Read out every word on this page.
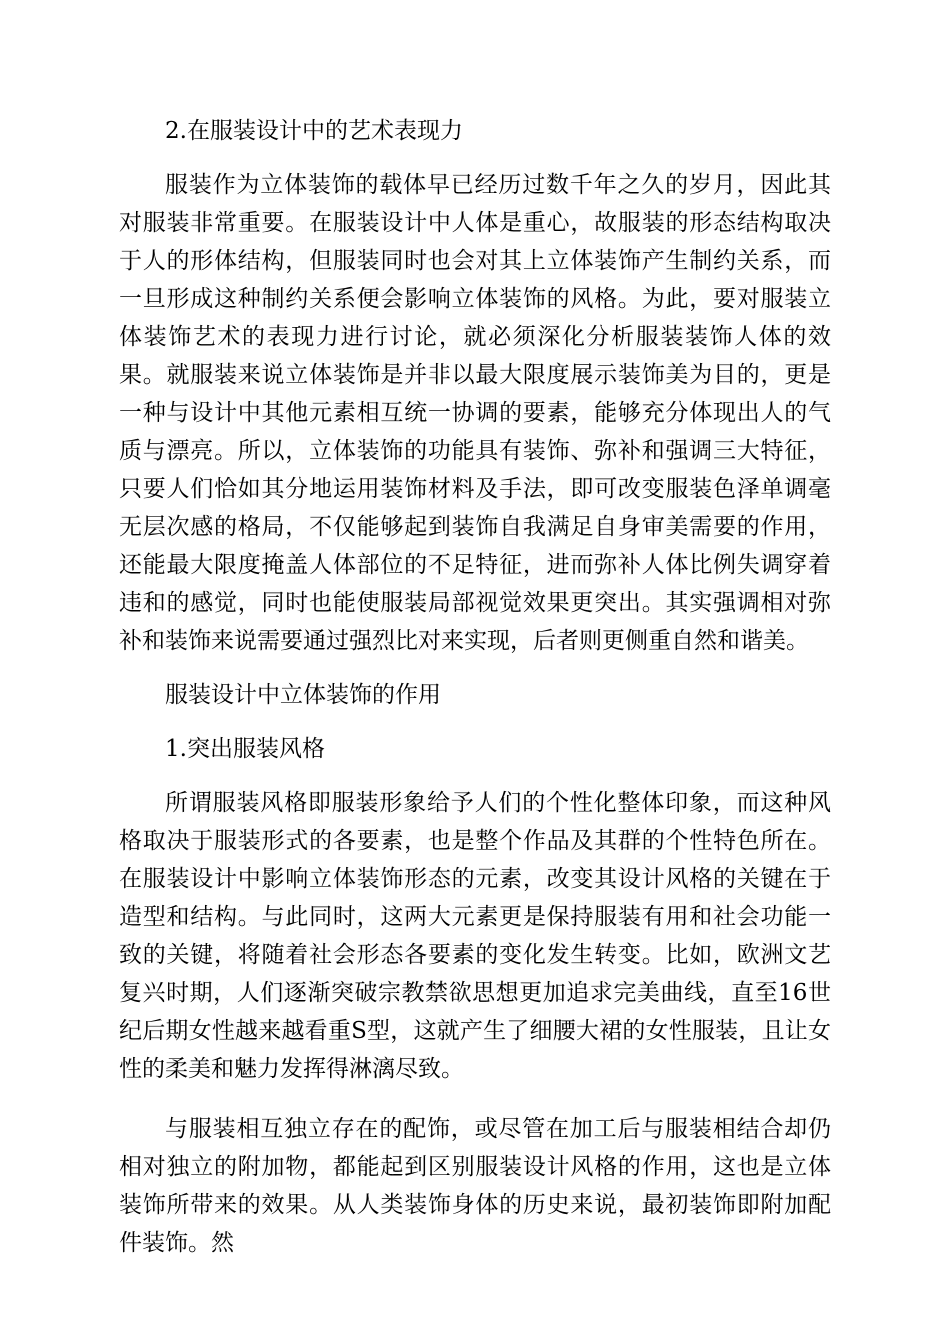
2.在服装设计中的艺术表现力

服装作为立体装饰的载体早已经历过数千年之久的岁月，因此其对服装非常重要。在服装设计中人体是重心，故服装的形态结构取决于人的形体结构，但服装同时也会对其上立体装饰产生制约关系，而一旦形成这种制约关系便会影响立体装饰的风格。为此，要对服装立体装饰艺术的表现力进行讨论，就必须深化分析服装装饰人体的效果。就服装来说立体装饰是并非以最大限度展示装饰美为目的，更是一种与设计中其他元素相互统一协调的要素，能够充分体现出人的气质与漂亮。所以，立体装饰的功能具有装饰、弥补和强调三大特征，只要人们恰如其分地运用装饰材料及手法，即可改变服装色泽单调毫无层次感的格局，不仅能够起到装饰自我满足自身审美需要的作用，还能最大限度掩盖人体部位的不足特征，进而弥补人体比例失调穿着违和的感觉，同时也能使服装局部视觉效果更突出。其实强调相对弥补和装饰来说需要通过强烈比对来实现，后者则更侧重自然和谐美。

服装设计中立体装饰的作用

1.突出服装风格

所谓服装风格即服装形象给予人们的个性化整体印象，而这种风格取决于服装形式的各要素，也是整个作品及其群的个性特色所在。在服装设计中影响立体装饰形态的元素，改变其设计风格的关键在于造型和结构。与此同时，这两大元素更是保持服装有用和社会功能一致的关键，将随着社会形态各要素的变化发生转变。比如，欧洲文艺复兴时期，人们逐渐突破宗教禁欲思想更加追求完美曲线，直至16世纪后期女性越来越看重S型，这就产生了细腰大裙的女性服装，且让女性的柔美和魅力发挥得淋漓尽致。

与服装相互独立存在的配饰，或尽管在加工后与服装相结合却仍相对独立的附加物，都能起到区别服装设计风格的作用，这也是立体装饰所带来的效果。从人类装饰身体的历史来说，最初装饰即附加配件装饰。然
